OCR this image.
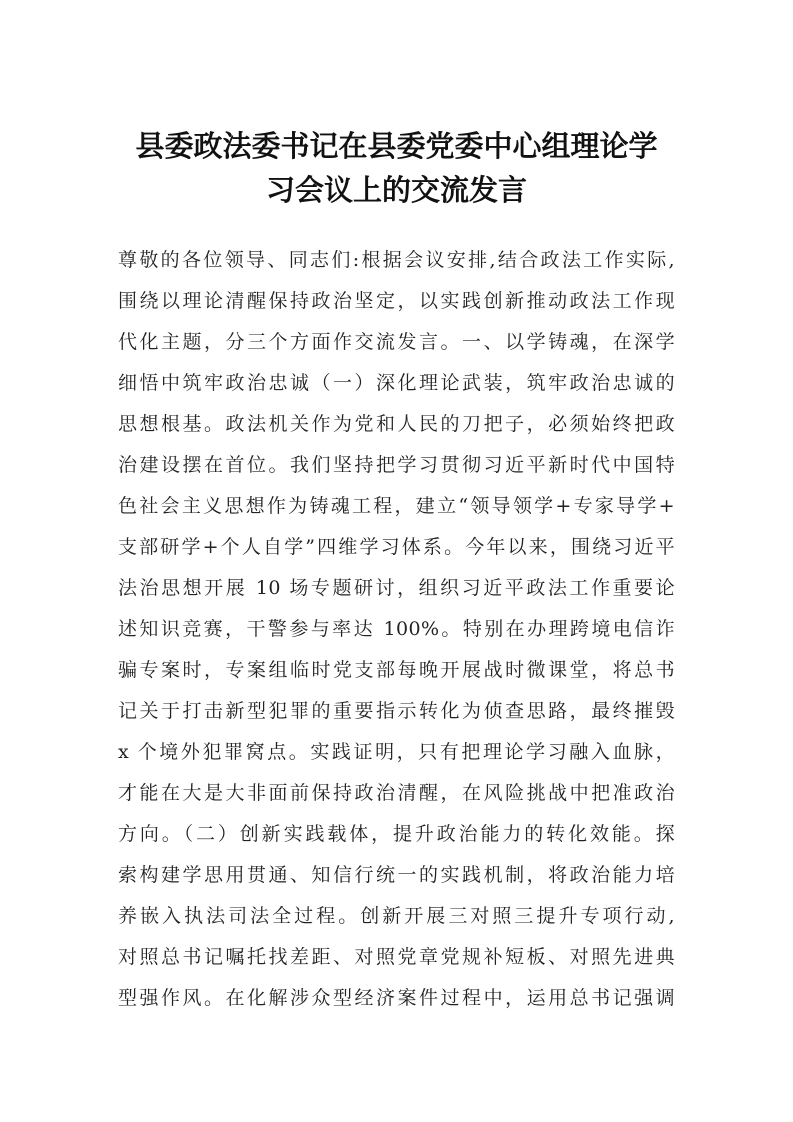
县委政法委书记在县委党委中心组理论学
习会议上的交流发言
尊敬的各位领导、同志们:根据会议安排,结合政法工作实际,
围绕以理论清醒保持政治坚定，以实践创新推动政法工作现
代化主题，分三个方面作交流发言。一、以学铸魂，在深学
细悟中筑牢政治忠诚（一）深化理论武装，筑牢政治忠诚的
思想根基。政法机关作为党和人民的刀把子，必须始终把政
治建设摆在首位。我们坚持把学习贯彻习近平新时代中国特
色社会主义思想作为铸魂工程，建立“领导领学+专家导学+
支部研学+个人自学”四维学习体系。今年以来，围绕习近平
法治思想开展 10 场专题研讨，组织习近平政法工作重要论
述知识竞赛，干警参与率达 100%。特别在办理跨境电信诈
骗专案时，专案组临时党支部每晚开展战时微课堂，将总书
记关于打击新型犯罪的重要指示转化为侦查思路，最终摧毁
x 个境外犯罪窝点。实践证明，只有把理论学习融入血脉，
才能在大是大非面前保持政治清醒，在风险挑战中把准政治
方向。（二）创新实践载体，提升政治能力的转化效能。探
索构建学思用贯通、知信行统一的实践机制，将政治能力培
养嵌入执法司法全过程。创新开展三对照三提升专项行动,
对照总书记嘱托找差距、对照党章党规补短板、对照先进典
型强作风。在化解涉众型经济案件过程中，运用总书记强调
